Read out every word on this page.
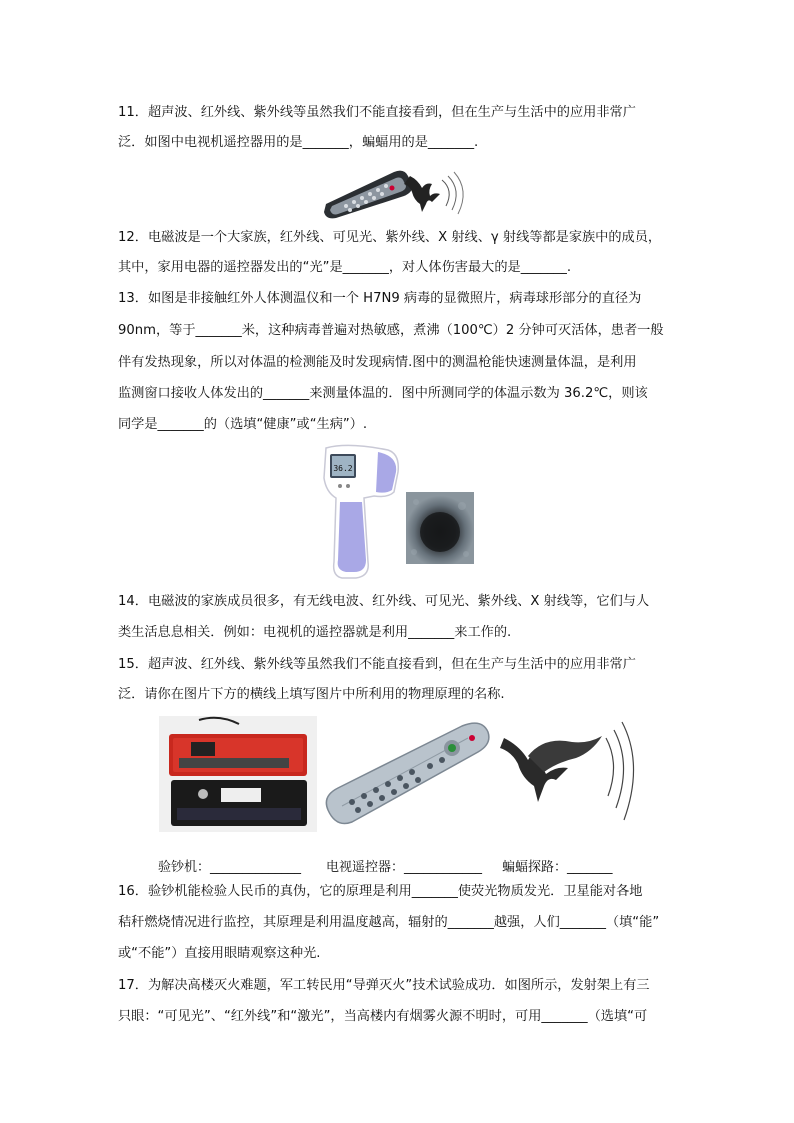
11．超声波、红外线、紫外线等虽然我们不能直接看到，但在生产与生活中的应用非常广
泛．如图中电视机遥控器用的是_______，蝙蝠用的是_______.
12．电磁波是一个大家族，红外线、可见光、紫外线、X 射线、γ 射线等都是家族中的成员，
其中，家用电器的遥控器发出的“光”是_______，对人体伤害最大的是_______.
13．如图是非接触红外人体测温仪和一个 H7N9 病毒的显微照片，病毒球形部分的直径为
90nm，等于_______米，这种病毒普遍对热敏感，煮沸（100℃）2 分钟可灭活体，患者一般
伴有发热现象，所以对体温的检测能及时发现病情.图中的测温枪能快速测量体温，是利用
监测窗口接收人体发出的_______来测量体温的．图中所测同学的体温示数为 36.2℃，则该
同学是_______的（选填“健康”或“生病”）.
36.2
14．电磁波的家族成员很多，有无线电波、红外线、可见光、紫外线、X 射线等，它们与人
类生活息息相关．例如：电视机的遥控器就是利用_______来工作的.
15．超声波、红外线、紫外线等虽然我们不能直接看到，但在生产与生活中的应用非常广
泛．请你在图片下方的横线上填写图片中所利用的物理原理的名称.
验钞机：______________ 电视遥控器：____________ 蝙蝠探路：_______
16．验钞机能检验人民币的真伪，它的原理是利用_______使荧光物质发光．卫星能对各地
秸秆燃烧情况进行监控，其原理是利用温度越高，辐射的_______越强，人们_______（填“能”
或“不能”）直接用眼睛观察这种光.
17．为解决高楼灭火难题，军工转民用“导弹灭火”技术试验成功．如图所示，发射架上有三
只眼：“可见光”、“红外线”和“激光”，当高楼内有烟雾火源不明时，可用_______（选填“可
